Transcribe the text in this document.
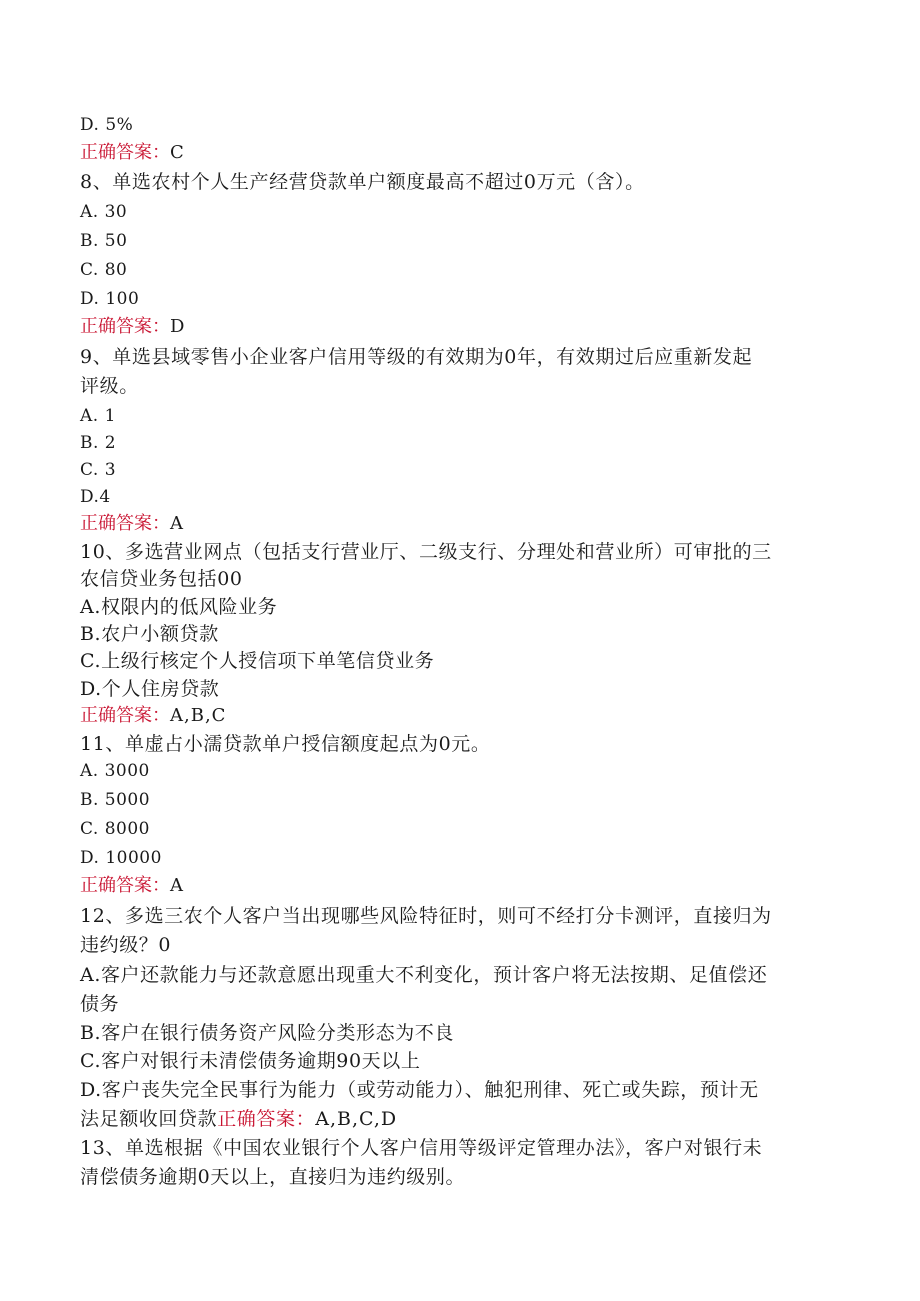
D. 5%
正确答案：C
8、单选农村个人生产经营贷款单户额度最高不超过0万元（含）。
A. 30
B. 50
C. 80
D. 100
正确答案：D
9、单选县域零售小企业客户信用等级的有效期为0年，有效期过后应重新发起
评级。
A. 1
B. 2
C. 3
D.4
正确答案：A
10、多选营业网点（包括支行营业厅、二级支行、分理处和营业所）可审批的三
农信贷业务包括00
A.权限内的低风险业务
B.农户小额贷款
C.上级行核定个人授信项下单笔信贷业务
D.个人住房贷款
正确答案：A,B,C
11、单虚占小濡贷款单户授信额度起点为0元。
A. 3000
B. 5000
C. 8000
D. 10000
正确答案：A
12、多选三农个人客户当出现哪些风险特征时，则可不经打分卡测评，直接归为
违约级？0
A.客户还款能力与还款意愿出现重大不利变化，预计客户将无法按期、足值偿还
债务
B.客户在银行债务资产风险分类形态为不良
C.客户对银行未清偿债务逾期90天以上
D.客户丧失完全民事行为能力（或劳动能力）、触犯刑律、死亡或失踪，预计无
法足额收回贷款正确答案：A,B,C,D
13、单选根据《中国农业银行个人客户信用等级评定管理办法》，客户对银行未
清偿债务逾期0天以上，直接归为违约级别。
